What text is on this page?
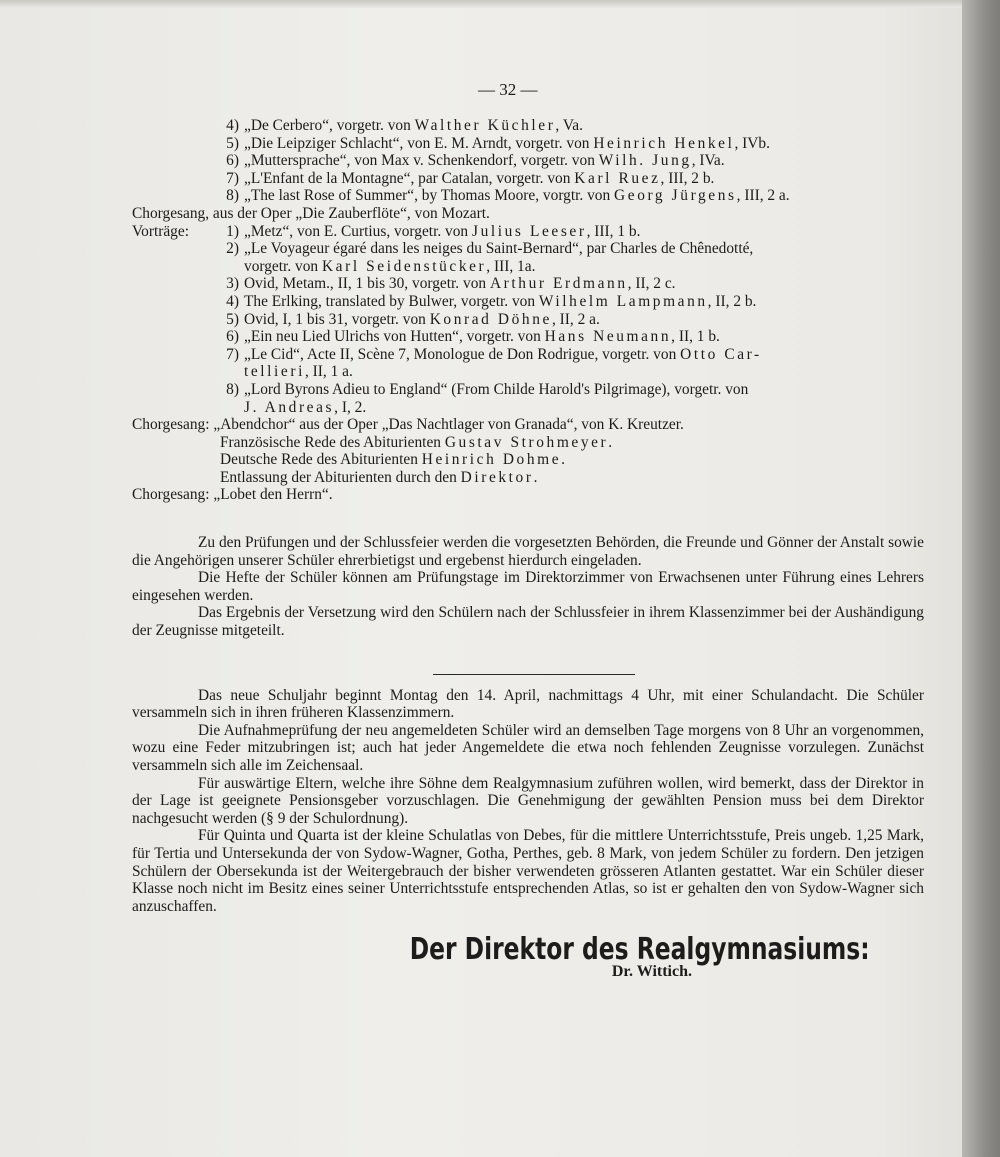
— 32 —
4) „De Cerbero“, vorgetr. von Walther Küchler, Va.
5) „Die Leipziger Schlacht“, von E. M. Arndt, vorgetr. von Heinrich Henkel, IVb.
6) „Muttersprache“, von Max v. Schenkendorf, vorgetr. von Wilh. Jung, IVa.
7) „L'Enfant de la Montagne“, par Catalan, vorgetr. von Karl Ruez, III, 2 b.
8) „The last Rose of Summer“, by Thomas Moore, vorgtr. von Georg Jürgens, III, 2 a.
Chorgesang, aus der Oper „Die Zauberflöte“, von Mozart.
Vorträge:	1) „Metz“, von E. Curtius, vorgetr. von Julius Leeser, III, 1 b.
2) „Le Voyageur égaré dans les neiges du Saint-Bernard“, par Charles de Chênedotté,
vorgetr. von Karl Seidenstücker, III, 1a.
3) Ovid, Metam., II, 1 bis 30, vorgetr. von Arthur Erdmann, II, 2 c.
4) The Erlking, translated by Bulwer, vorgetr. von Wilhelm Lampmann, II, 2 b.
5) Ovid, I, 1 bis 31, vorgetr. von Konrad Döhne, II, 2 a.
6) „Ein neu Lied Ulrichs von Hutten“, vorgetr. von Hans Neumann, II, 1 b.
7) „Le Cid“, Acte II, Scène 7, Monologue de Don Rodrigue, vorgetr. von Otto Car-
tellieri, II, 1 a.
8) „Lord Byrons Adieu to England“ (From Childe Harold's Pilgrimage), vorgetr. von
J. Andreas, I, 2.
Chorgesang: „Abendchor“ aus der Oper „Das Nachtlager von Granada“, von K. Kreutzer.
Französische Rede des Abiturienten Gustav Strohmeyer.
Deutsche Rede des Abiturienten Heinrich Dohme.
Entlassung der Abiturienten durch den Direktor.
Chorgesang: „Lobet den Herrn“.
Zu den Prüfungen und der Schlussfeier werden die vorgesetzten Behörden, die Freunde und Gönner der Anstalt sowie die Angehörigen unserer Schüler ehrerbietigst und ergebenst hierdurch eingeladen.
Die Hefte der Schüler können am Prüfungstage im Direktorzimmer von Erwachsenen unter Führung eines Lehrers eingesehen werden.
Das Ergebnis der Versetzung wird den Schülern nach der Schlussfeier in ihrem Klassenzimmer bei der Aushändigung der Zeugnisse mitgeteilt.
Das neue Schuljahr beginnt Montag den 14. April, nachmittags 4 Uhr, mit einer Schulandacht. Die Schüler versammeln sich in ihren früheren Klassenzimmern.
Die Aufnahmeprüfung der neu angemeldeten Schüler wird an demselben Tage morgens von 8 Uhr an vorgenommen, wozu eine Feder mitzubringen ist; auch hat jeder Angemeldete die etwa noch fehlenden Zeugnisse vorzulegen. Zunächst versammeln sich alle im Zeichensaal.
Für auswärtige Eltern, welche ihre Söhne dem Realgymnasium zuführen wollen, wird bemerkt, dass der Direktor in der Lage ist geeignete Pensionsgeber vorzuschlagen. Die Genehmigung der gewählten Pension muss bei dem Direktor nachgesucht werden (§ 9 der Schulordnung).
Für Quinta und Quarta ist der kleine Schulatlas von Debes, für die mittlere Unterrichtsstufe, Preis ungeb. 1,25 Mark, für Tertia und Untersekunda der von Sydow-Wagner, Gotha, Perthes, geb. 8 Mark, von jedem Schüler zu fordern. Den jetzigen Schülern der Obersekunda ist der Weitergebrauch der bisher verwendeten grösseren Atlanten gestattet. War ein Schüler dieser Klasse noch nicht im Besitz eines seiner Unterrichtsstufe entsprechenden Atlas, so ist er gehalten den von Sydow-Wagner sich anzuschaffen.
Der Direktor des Realgymnasiums:
Dr. Wittich.
